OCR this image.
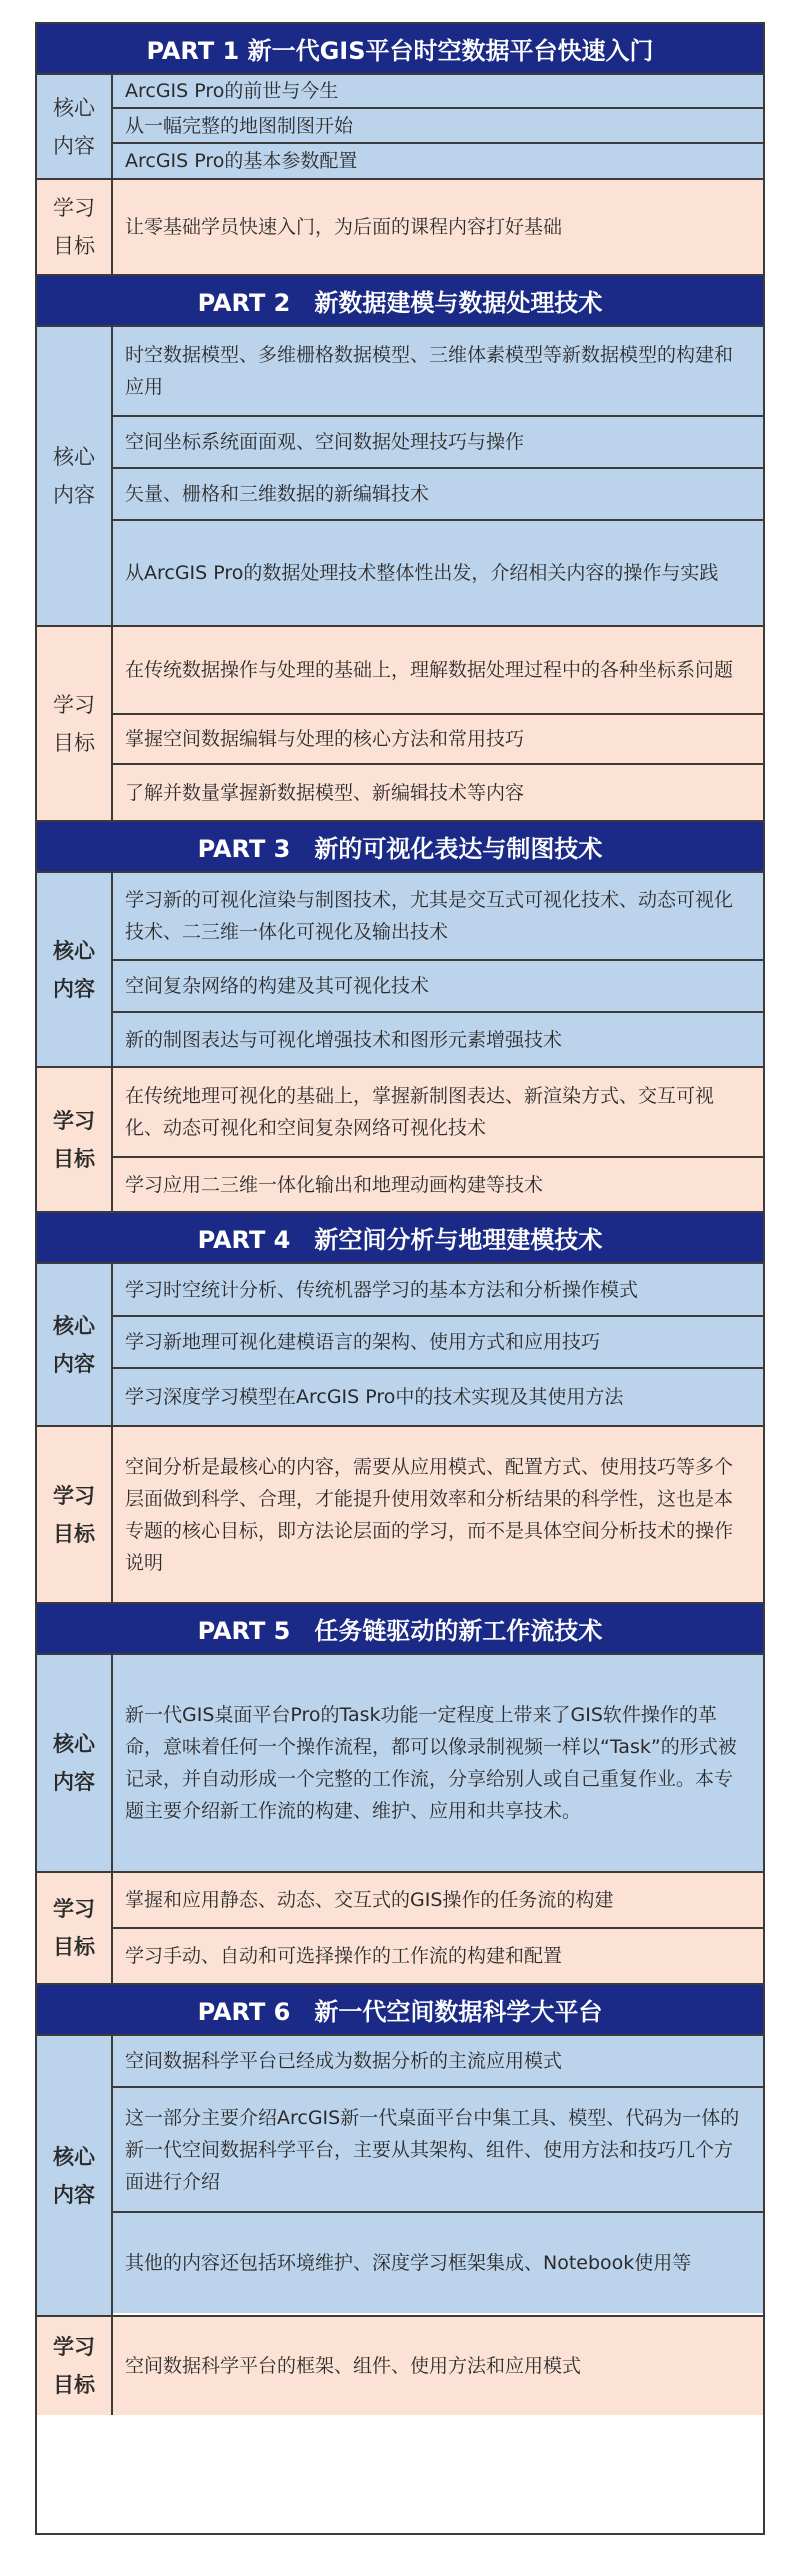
PART 1 新一代GIS平台时空数据平台快速入门
核心
内容
ArcGIS Pro的前世与今生
从一幅完整的地图制图开始
ArcGIS Pro的基本参数配置
学习
目标
让零基础学员快速入门，为后面的课程内容打好基础
PART 2　新数据建模与数据处理技术
核心
内容
时空数据模型、多维栅格数据模型、三维体素模型等新数据模型的构建和应用
空间坐标系统面面观、空间数据处理技巧与操作
矢量、栅格和三维数据的新编辑技术
从ArcGIS Pro的数据处理技术整体性出发，介绍相关内容的操作与实践
学习
目标
在传统数据操作与处理的基础上，理解数据处理过程中的各种坐标系问题
掌握空间数据编辑与处理的核心方法和常用技巧
了解并数量掌握新数据模型、新编辑技术等内容
PART 3　新的可视化表达与制图技术
核心
内容
学习新的可视化渲染与制图技术，尤其是交互式可视化技术、动态可视化技术、二三维一体化可视化及输出技术
空间复杂网络的构建及其可视化技术
新的制图表达与可视化增强技术和图形元素增强技术
学习
目标
在传统地理可视化的基础上，掌握新制图表达、新渲染方式、交互可视化、动态可视化和空间复杂网络可视化技术
学习应用二三维一体化输出和地理动画构建等技术
PART 4　新空间分析与地理建模技术
核心
内容
学习时空统计分析、传统机器学习的基本方法和分析操作模式
学习新地理可视化建模语言的架构、使用方式和应用技巧
学习深度学习模型在ArcGIS Pro中的技术实现及其使用方法
学习
目标
空间分析是最核心的内容，需要从应用模式、配置方式、使用技巧等多个层面做到科学、合理，才能提升使用效率和分析结果的科学性，这也是本专题的核心目标，即方法论层面的学习，而不是具体空间分析技术的操作说明
PART 5　任务链驱动的新工作流技术
核心
内容
新一代GIS桌面平台Pro的Task功能一定程度上带来了GIS软件操作的革命，意味着任何一个操作流程，都可以像录制视频一样以“Task”的形式被记录，并自动形成一个完整的工作流，分享给别人或自己重复作业。本专题主要介绍新工作流的构建、维护、应用和共享技术。
学习
目标
掌握和应用静态、动态、交互式的GIS操作的任务流的构建
学习手动、自动和可选择操作的工作流的构建和配置
PART 6　新一代空间数据科学大平台
核心
内容
空间数据科学平台已经成为数据分析的主流应用模式
这一部分主要介绍ArcGIS新一代桌面平台中集工具、模型、代码为一体的新一代空间数据科学平台，主要从其架构、组件、使用方法和技巧几个方面进行介绍
其他的内容还包括环境维护、深度学习框架集成、Notebook使用等
学习
目标
空间数据科学平台的框架、组件、使用方法和应用模式
